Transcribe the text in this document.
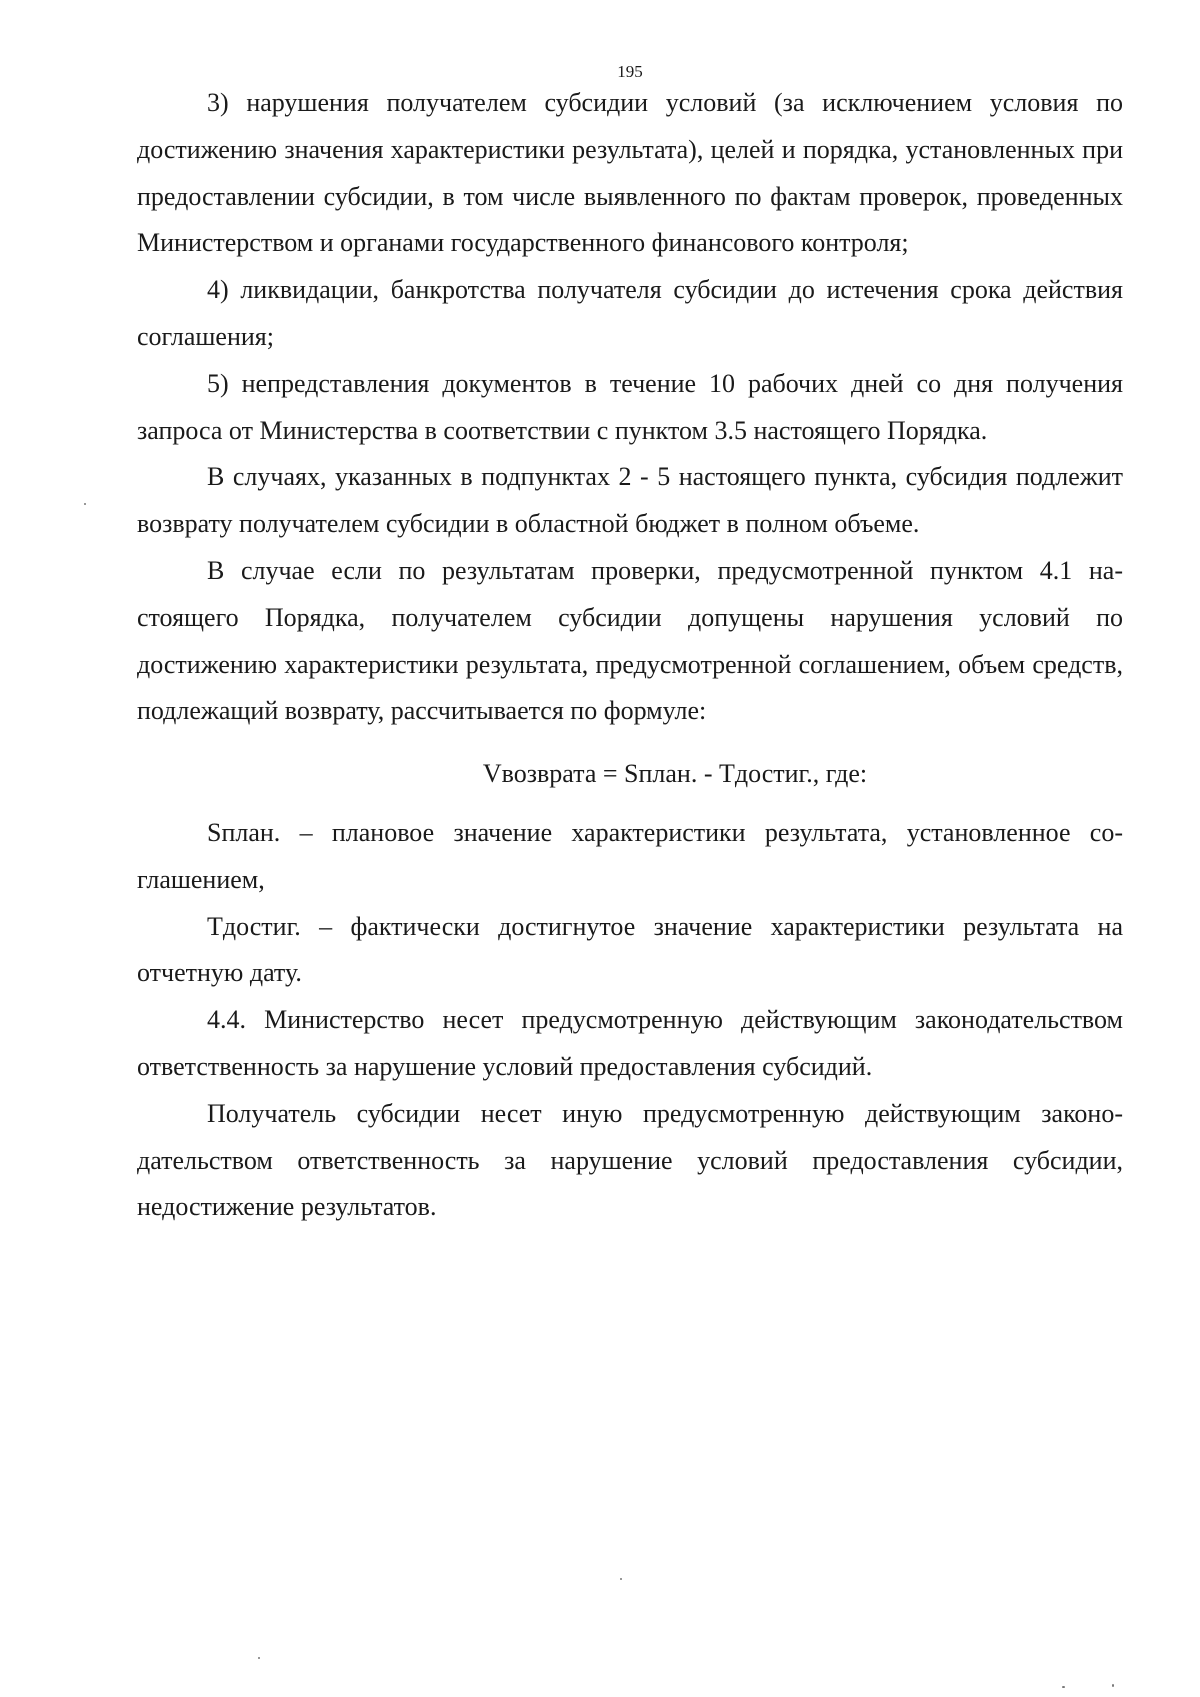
195

3) нарушения получателем субсидии условий (за исключением условия по достижению значения характеристики результата), целей и порядка, установленных при предоставлении субсидии, в том числе выявленного по фактам проверок, проведенных Министерством и органами государственного финансового контроля;

4) ликвидации, банкротства получателя субсидии до истечения срока действия соглашения;

5) непредставления документов в течение 10 рабочих дней со дня получения запроса от Министерства в соответствии с пунктом 3.5 настоящего Порядка.

В случаях, указанных в подпунктах 2 - 5 настоящего пункта, субсидия подлежит возврату получателем субсидии в областной бюджет в полном объеме.

В случае если по результатам проверки, предусмотренной пунктом 4.1 настоящего Порядка, получателем субсидии допущены нарушения условий по достижению характеристики результата, предусмотренной соглашением, объем средств, подлежащий возврату, рассчитывается по формуле:

Vвозврата = Sплан. - Tдостиг., где:

Sплан. – плановое значение характеристики результата, установленное соглашением,

Tдостиг. – фактически достигнутое значение характеристики результата на отчетную дату.

4.4. Министерство несет предусмотренную действующим законодательством ответственность за нарушение условий предоставления субсидий.

Получатель субсидии несет иную предусмотренную действующим законодательством ответственность за нарушение условий предоставления субсидии, недостижение результатов.
